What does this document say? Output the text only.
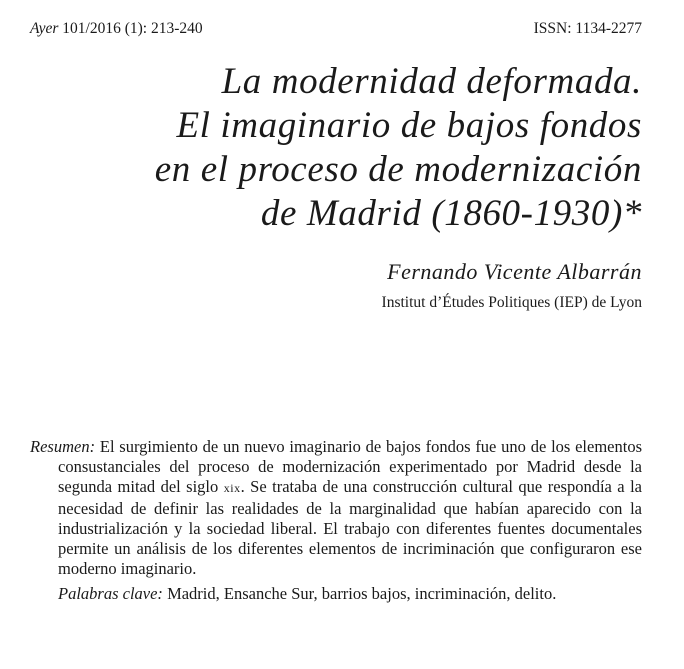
Ayer 101/2016 (1): 213-240	ISSN: 1134-2277
La modernidad deformada.
El imaginario de bajos fondos
en el proceso de modernización
de Madrid (1860-1930)*
Fernando Vicente Albarrán
Institut d’Études Politiques (IEP) de Lyon

Resumen: El surgimiento de un nuevo imaginario de bajos fondos fue uno de los elementos consustanciales del proceso de modernización experimentado por Madrid desde la segunda mitad del siglo xix. Se trataba de una construcción cultural que respondía a la necesidad de definir las realidades de la marginalidad que habían aparecido con la industrialización y la sociedad liberal. El trabajo con diferentes fuentes documentales permite un análisis de los diferentes elementos de incriminación que configuraron ese moderno imaginario.

Palabras clave: Madrid, Ensanche Sur, barrios bajos, incriminación, delito.
